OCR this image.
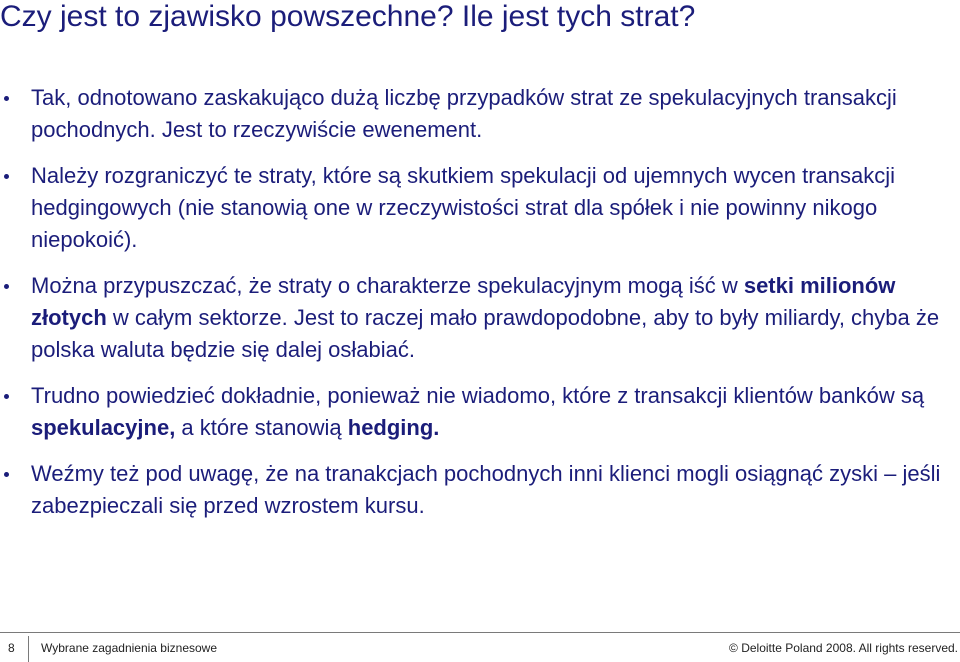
Czy jest to zjawisko powszechne? Ile jest tych strat?
Tak, odnotowano zaskakująco dużą liczbę przypadków strat ze spekulacyjnych transakcji pochodnych. Jest to rzeczywiście ewenement.
Należy rozgraniczyć te straty, które są skutkiem spekulacji od ujemnych wycen transakcji hedgingowych (nie stanowią one w rzeczywistości strat dla spółek i nie powinny nikogo niepokoić).
Można przypuszczać, że straty o charakterze spekulacyjnym mogą iść w setki milionów złotych w całym sektorze. Jest to raczej mało prawdopodobne, aby to były miliardy, chyba że polska waluta będzie się dalej osłabiać.
Trudno powiedzieć dokładnie, ponieważ nie wiadomo, które z transakcji klientów banków są spekulacyjne, a które stanowią hedging.
Weźmy też pod uwagę, że na tranakcjach pochodnych inni klienci mogli osiągnąć zyski – jeśli zabezpieczali się przed wzrostem kursu.
8 Wybrane zagadnienia biznesowe	© Deloitte Poland 2008. All rights reserved.
